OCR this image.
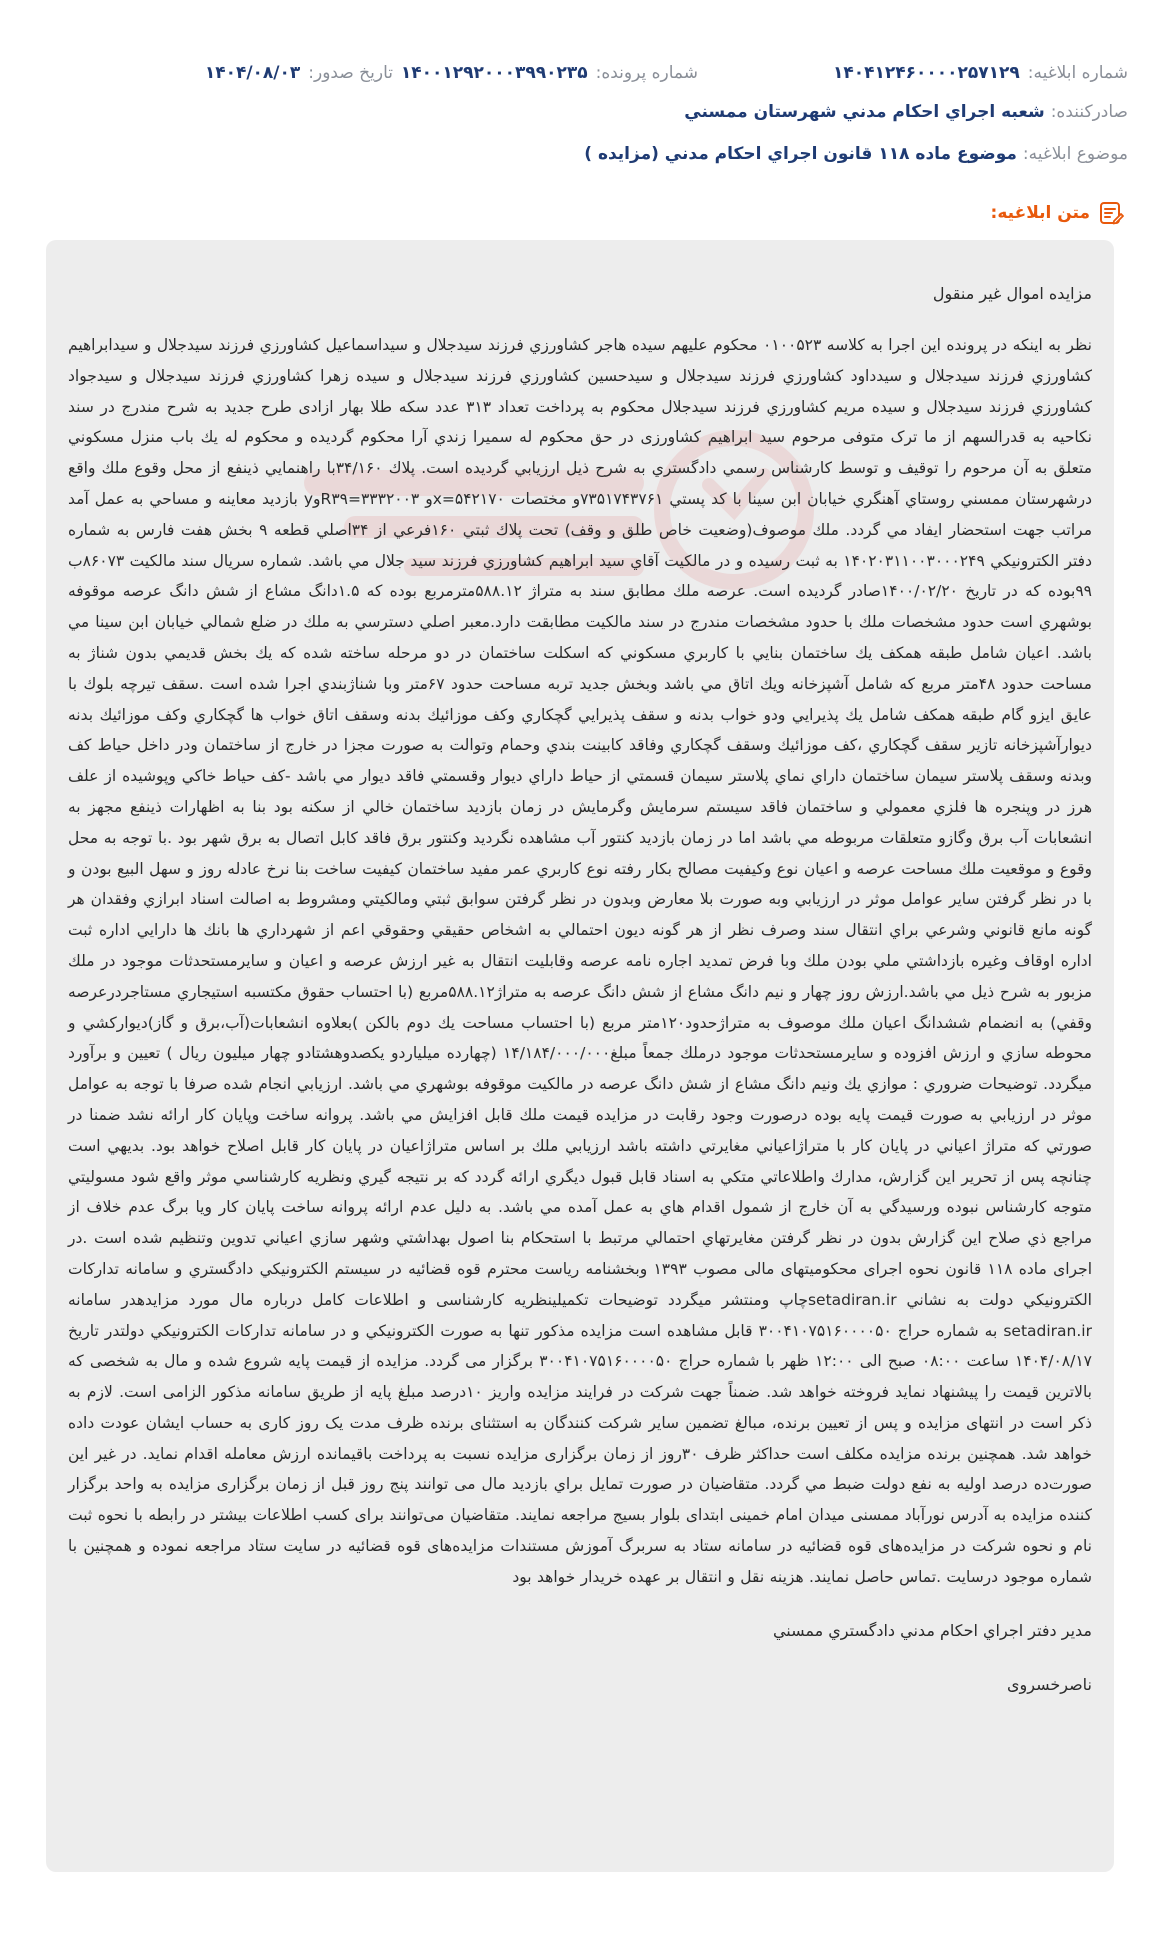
شماره ابلاغیه:
۱۴۰۴۱۲۴۶۰۰۰۰۲۵۷۱۲۹
شماره پرونده:
۱۴۰۰۱۲۹۲۰۰۰۳۹۹۰۲۳۵
تاریخ صدور:
۱۴۰۴/۰۸/۰۳
صادرکننده:
شعبه اجراي احكام مدني شهرستان ممسني
موضوع ابلاغیه:
موضوع ماده ۱۱۸ قانون اجراي احكام مدني (مزايده )
متن ابلاغیه:
مزايده اموال غير منقول
نظر به اينكه در پرونده اين اجرا به كلاسه ۰۱۰۰۵۲۳ محكوم عليهم سيده هاجر كشاورزي فرزند سيدجلال و سيداسماعيل كشاورزي فرزند سيدجلال و سيدابراهيم كشاورزي فرزند سيدجلال و سيدداود كشاورزي فرزند سيدجلال و سيدحسين كشاورزي فرزند سيدجلال و سيده زهرا كشاورزي فرزند سيدجلال و سيدجواد كشاورزي فرزند سيدجلال و سيده مريم كشاورزي فرزند سيدجلال محكوم به پرداخت تعداد ۳۱۳ عدد سكه طلا بهار ازادی طرح جديد به شرح مندرج در سند نكاحيه به قدرالسهم از ما ترک متوفی مرحوم سيد ابراهيم كشاورزی در حق محكوم له سميرا زندي آرا محكوم گرديده و محكوم له يك باب منزل مسكوني متعلق به آن مرحوم را توقيف و توسط كارشناس رسمي دادگستري به شرح ذيل ارزيابي گرديده است. پلاك ۳۴/۱۶۰با راهنمايي ذينفع از محل وقوع ملك واقع درشهرستان ممسني روستاي آهنگري خيابان ابن سينا با كد پستي ۷۳۵۱۷۴۳۷۶۱و مختصات x=۵۴۲۱۷۰و ۳۳۳۲۰۰۳=R۳۹وy بازديد معاينه و مساحي به عمل آمد مراتب جهت استحضار ايفاد مي گردد. ملك موصوف(وضعيت خاص طلق و وقف) تحت پلاك ثبتي ۱۶۰فرعي از ۳۴اصلي قطعه ۹ بخش هفت فارس به شماره دفتر الكترونيكي ۱۴۰۲۰۳۱۱۰۰۳۰۰۰۲۴۹ به ثبت رسيده و در مالكيت آقاي سيد ابراهيم كشاورزي فرزند سيد جلال مي باشد. شماره سريال سند مالكيت ۸۶۰۷۳ب ۹۹بوده كه در تاريخ ۱۴۰۰/۰۲/۲۰صادر گرديده است. عرصه ملك مطابق سند به متراژ ۵۸۸.۱۲مترمربع بوده كه ۱.۵دانگ مشاع از شش دانگ عرصه موقوفه بوشهري است حدود مشخصات ملك با حدود مشخصات مندرج در سند مالكيت مطابقت دارد.معبر اصلي دسترسي به ملك در ضلع شمالي خيابان ابن سينا مي باشد. اعيان شامل طبقه همكف يك ساختمان بنايي با كاربري مسكوني كه اسكلت ساختمان در دو مرحله ساخته شده كه يك بخش قديمي بدون شناژ به مساحت حدود ۴۸متر مربع كه شامل آشپزخانه ويك اتاق مي باشد وبخش جديد تربه مساحت حدود ۶۷متر وبا شناژبندي اجرا شده است .سقف تيرچه بلوك با عايق ايزو گام طبقه همكف شامل يك پذيرايي ودو خواب بدنه و سقف پذيرايي گچكاري وكف موزائيك بدنه وسقف اتاق خواب ها گچكاري وكف موزائيك بدنه ديوارآشپزخانه تازير سقف گچكاري ،كف موزائيك وسقف گچكاري وفاقد كابينت بندي وحمام وتوالت به صورت مجزا در خارج از ساختمان ودر داخل حياط كف وبدنه وسقف پلاستر سيمان ساختمان داراي نماي پلاستر سيمان قسمتي از حياط داراي ديوار وقسمتي فاقد ديوار مي باشد -كف حياط خاكي وپوشيده از علف هرز در وپنجره ها فلزي معمولي و ساختمان فاقد سيستم سرمايش وگرمايش در زمان بازديد ساختمان خالي از سكنه بود بنا به اظهارات ذينفع مجهز به انشعابات آب برق وگازو متعلقات مربوطه مي باشد اما در زمان بازديد كنتور آب مشاهده نگرديد وكنتور برق فاقد كابل اتصال به برق شهر بود .با توجه به محل وقوع و موقعيت ملك مساحت عرصه و اعيان نوع وكيفيت مصالح بكار رفته نوع كاربري عمر مفيد ساختمان كيفيت ساخت بنا نرخ عادله روز و سهل البيع بودن و با در نظر گرفتن ساير عوامل موثر در ارزيابي وبه صورت بلا معارض وبدون در نظر گرفتن سوابق ثبتي ومالكيتي ومشروط به اصالت اسناد ابرازي وفقدان هر گونه مانع قانوني وشرعي براي انتقال سند وصرف نظر از هر گونه ديون احتمالي به اشخاص حقيقي وحقوقي اعم از شهرداري ها بانك ها دارايي اداره ثبت اداره اوقاف وغيره بازداشتي ملي بودن ملك وبا فرض تمديد اجاره نامه عرصه وقابليت انتقال به غير ارزش عرصه و اعيان و سايرمستحدثات موجود در ملك مزبور به شرح ذيل مي باشد.ارزش روز چهار و نيم دانگ مشاع از شش دانگ عرصه به متراژ۵۸۸.۱۲مربع (با احتساب حقوق مكتسبه استيجاري مستاجردرعرصه وقفي) به انضمام ششدانگ اعيان ملك موصوف به متراژحدود۱۲۰متر مربع (با احتساب مساحت يك دوم بالكن )بعلاوه انشعابات(آب،برق و گاز)ديواركشي و محوطه سازي و ارزش افزوده و سايرمستحدثات موجود درملك جمعاً مبلغ۱۴/۱۸۴/۰۰۰/۰۰۰ (چهارده ميلياردو يكصدوهشتادو چهار ميليون ريال ) تعيين و برآورد ميگردد. توضيحات ضروري : موازي يك ونيم دانگ مشاع از شش دانگ عرصه در مالكيت موقوفه بوشهري مي باشد. ارزيابي انجام شده صرفا با توجه به عوامل موثر در ارزيابي به صورت قيمت پايه بوده درصورت وجود رقابت در مزايده قيمت ملك قابل افزايش مي باشد. پروانه ساخت وپايان كار ارائه نشد ضمنا در صورتي كه متراژ اعياني در پايان كار با متراژاعياني مغايرتي داشته باشد ارزيابي ملك بر اساس متراژاعيان در پايان كار قابل اصلاح خواهد بود. بديهي است چنانچه پس از تحرير اين گزارش، مدارك واطلاعاتي متكي به اسناد قابل قبول ديگري ارائه گردد كه بر نتيجه گيري ونظريه كارشناسي موثر واقع شود مسوليتي متوجه كارشناس نبوده ورسيدگي به آن خارج از شمول اقدام هاي به عمل آمده مي باشد. به دليل عدم ارائه پروانه ساخت پايان كار ويا برگ عدم خلاف از مراجع ذي صلاح اين گزارش بدون در نظر گرفتن مغايرتهاي احتمالي مرتبط با استحكام بنا اصول بهداشتي وشهر سازي اعياني تدوين وتنظيم شده است .در اجرای ماده ۱۱۸ قانون نحوه اجرای محکومیتهای مالی مصوب ۱۳۹۳ وبخشنامه رياست محترم قوه قضائيه در سيستم الكترونيكي دادگستري و سامانه تداركات الكترونيكي دولت به نشاني setadiran.irچاپ ومنتشر ميگردد توضیحات تکمیلینظریه کارشناسی و اطلاعات کامل درباره مال مورد مزایدهدر سامانه setadiran.ir به شماره حراج ۳۰۰۴۱۰۷۵۱۶۰۰۰۰۵۰ قابل مشاهده است مزايده مذكور تنها به صورت الكترونيكي و در سامانه تداركات الكترونيكي دولتدر تاريخ ۱۴۰۴/۰۸/۱۷ ساعت ۰۸:۰۰ صبح الی ۱۲:۰۰ ظهر با شماره حراج ۳۰۰۴۱۰۷۵۱۶۰۰۰۰۵۰ برگزار می گردد. مزايده از قيمت پايه شروع شده و مال به شخصی كه بالاترين قيمت را پيشنهاد نمايد فروخته خواهد شد. ضمناً جهت شركت در فرايند مزايده واريز ۱۰درصد مبلغ پايه از طريق سامانه مذكور الزامی است. لازم به ذکر است در انتهای مزايده و پس از تعيين برنده، مبالغ تضمين ساير شركت كنندگان به استثنای برنده ظرف مدت یک روز كاری به حساب ايشان عودت داده خواهد شد. همچنين برنده مزايده مكلف است حداكثر ظرف ۳۰روز از زمان برگزاری مزايده نسبت به پرداخت باقيمانده ارزش معامله اقدام نمايد. در غير اين صورت‌ده درصد اوليه به نفع دولت ضبط مي گردد. متقاضيان در صورت تمايل براي بازديد مال می توانند پنج روز قبل از زمان برگزاری مزايده به واحد برگزار كننده مزايده به آدرس نورآباد ممسنی میدان امام خمینی ابتدای بلوار بسیج مراجعه نمايند. متقاضيان می‌توانند برای کسب اطلاعات بيشتر در رابطه با نحوه ثبت نام و نحوه شرکت در مزايده‌های قوه قضائيه در سامانه ستاد به سربرگ آموزش مستندات مزايده‌های قوه قضائيه در سايت ستاد مراجعه نموده و همچنين با شماره موجود درسایت .تماس حاصل نمايند. هزينه نقل و انتقال بر عهده خريدار خواهد بود
مدير دفتر اجراي احكام مدني دادگستري ممسني
ناصرخسروی
